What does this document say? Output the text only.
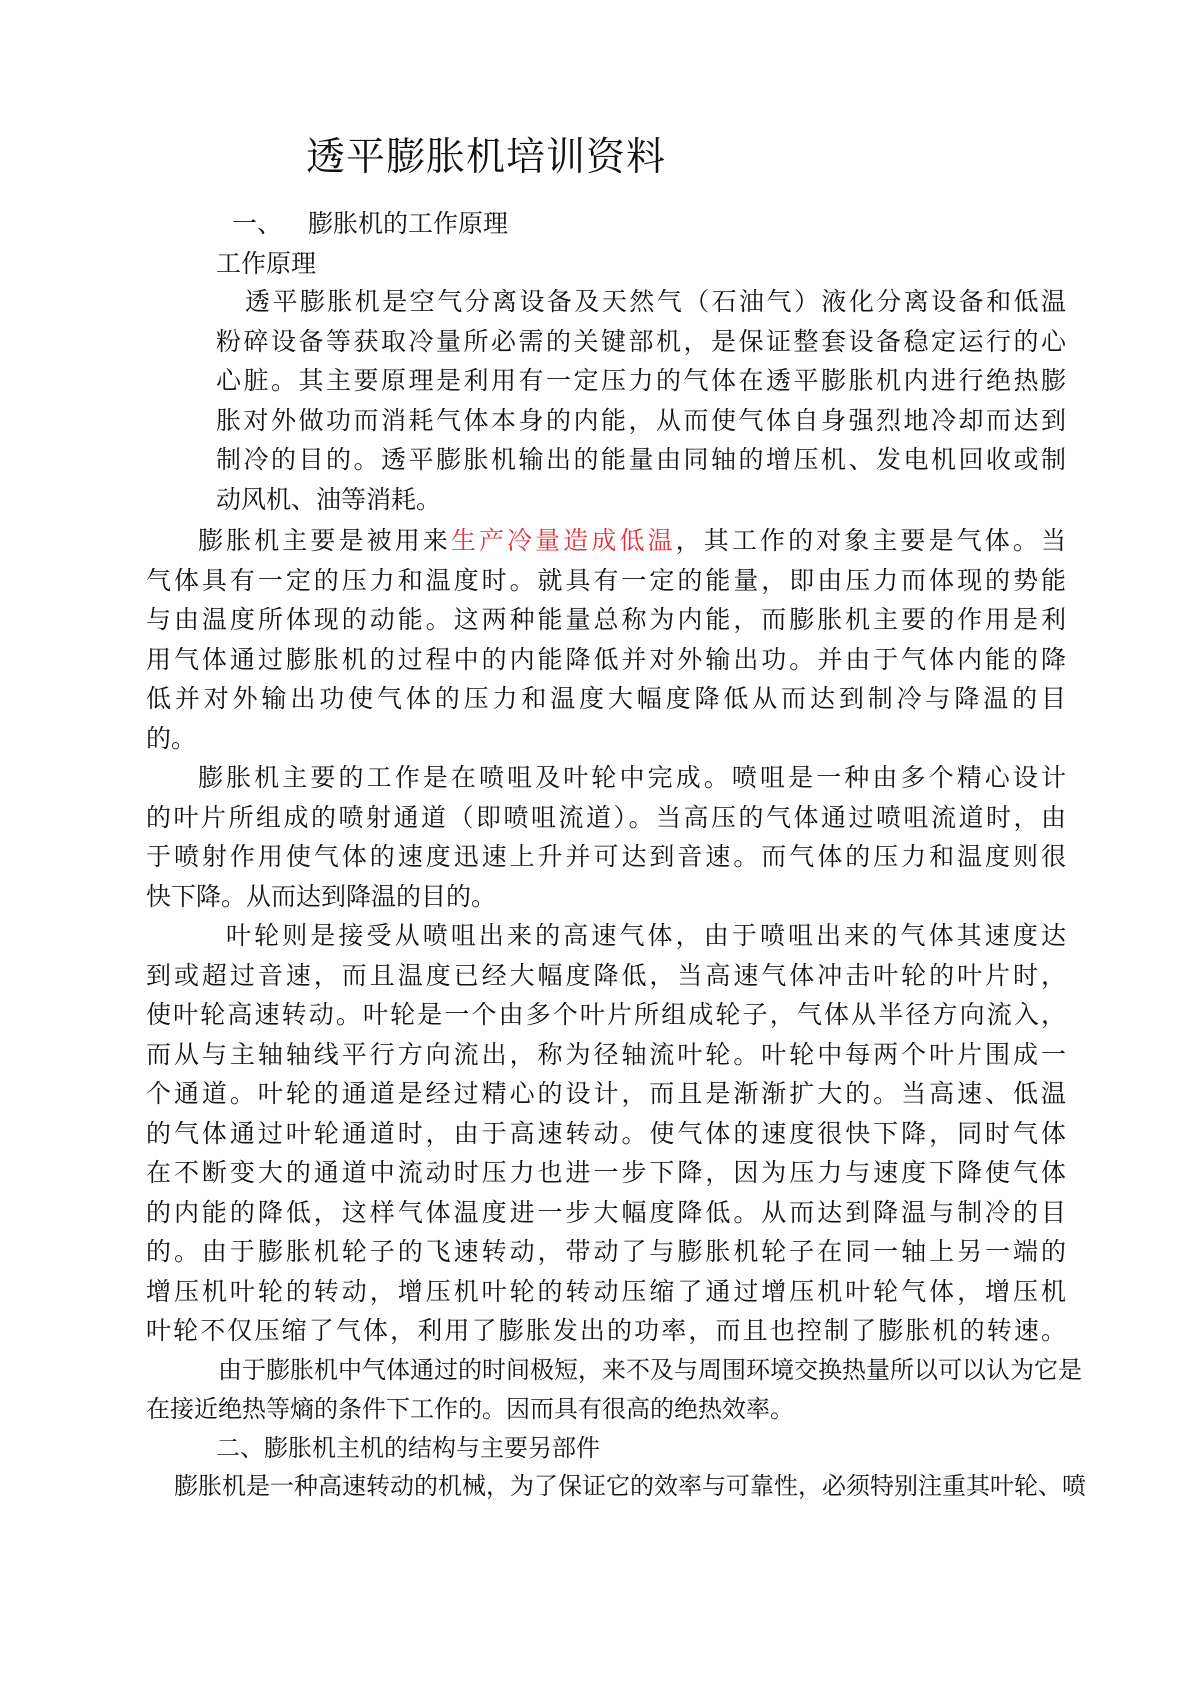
透平膨胀机培训资料

一、 膨胀机的工作原理

工作原理

透平膨胀机是空气分离设备及天然气（石油气）液化分离设备和低温
粉碎设备等获取冷量所必需的关键部机，是保证整套设备稳定运行的心
心脏。其主要原理是利用有一定压力的气体在透平膨胀机内进行绝热膨
胀对外做功而消耗气体本身的内能，从而使气体自身强烈地冷却而达到
制冷的目的。透平膨胀机输出的能量由同轴的增压机、发电机回收或制
动风机、油等消耗。
膨胀机主要是被用来生产冷量造成低温，其工作的对象主要是气体。当
气体具有一定的压力和温度时。就具有一定的能量，即由压力而体现的势能
与由温度所体现的动能。这两种能量总称为内能，而膨胀机主要的作用是利
用气体通过膨胀机的过程中的内能降低并对外输出功。并由于气体内能的降
低并对外输出功使气体的压力和温度大幅度降低从而达到制冷与降温的目
的。
膨胀机主要的工作是在喷咀及叶轮中完成。喷咀是一种由多个精心设计
的叶片所组成的喷射通道（即喷咀流道）。当高压的气体通过喷咀流道时，由
于喷射作用使气体的速度迅速上升并可达到音速。而气体的压力和温度则很
快下降。从而达到降温的目的。
叶轮则是接受从喷咀出来的高速气体，由于喷咀出来的气体其速度达
到或超过音速，而且温度已经大幅度降低，当高速气体冲击叶轮的叶片时，
使叶轮高速转动。叶轮是一个由多个叶片所组成轮子，气体从半径方向流入，
而从与主轴轴线平行方向流出，称为径轴流叶轮。叶轮中每两个叶片围成一
个通道。叶轮的通道是经过精心的设计，而且是渐渐扩大的。当高速、低温
的气体通过叶轮通道时，由于高速转动。使气体的速度很快下降，同时气体
在不断变大的通道中流动时压力也进一步下降，因为压力与速度下降使气体
的内能的降低，这样气体温度进一步大幅度降低。从而达到降温与制冷的目
的。由于膨胀机轮子的飞速转动，带动了与膨胀机轮子在同一轴上另一端的
增压机叶轮的转动，增压机叶轮的转动压缩了通过增压机叶轮气体，增压机
叶轮不仅压缩了气体，利用了膨胀发出的功率，而且也控制了膨胀机的转速。
由于膨胀机中气体通过的时间极短，来不及与周围环境交换热量所以可以认为它是
在接近绝热等熵的条件下工作的。因而具有很高的绝热效率。

二、膨胀机主机的结构与主要另部件

膨胀机是一种高速转动的机械，为了保证它的效率与可靠性，必须特别注重其叶轮、喷
